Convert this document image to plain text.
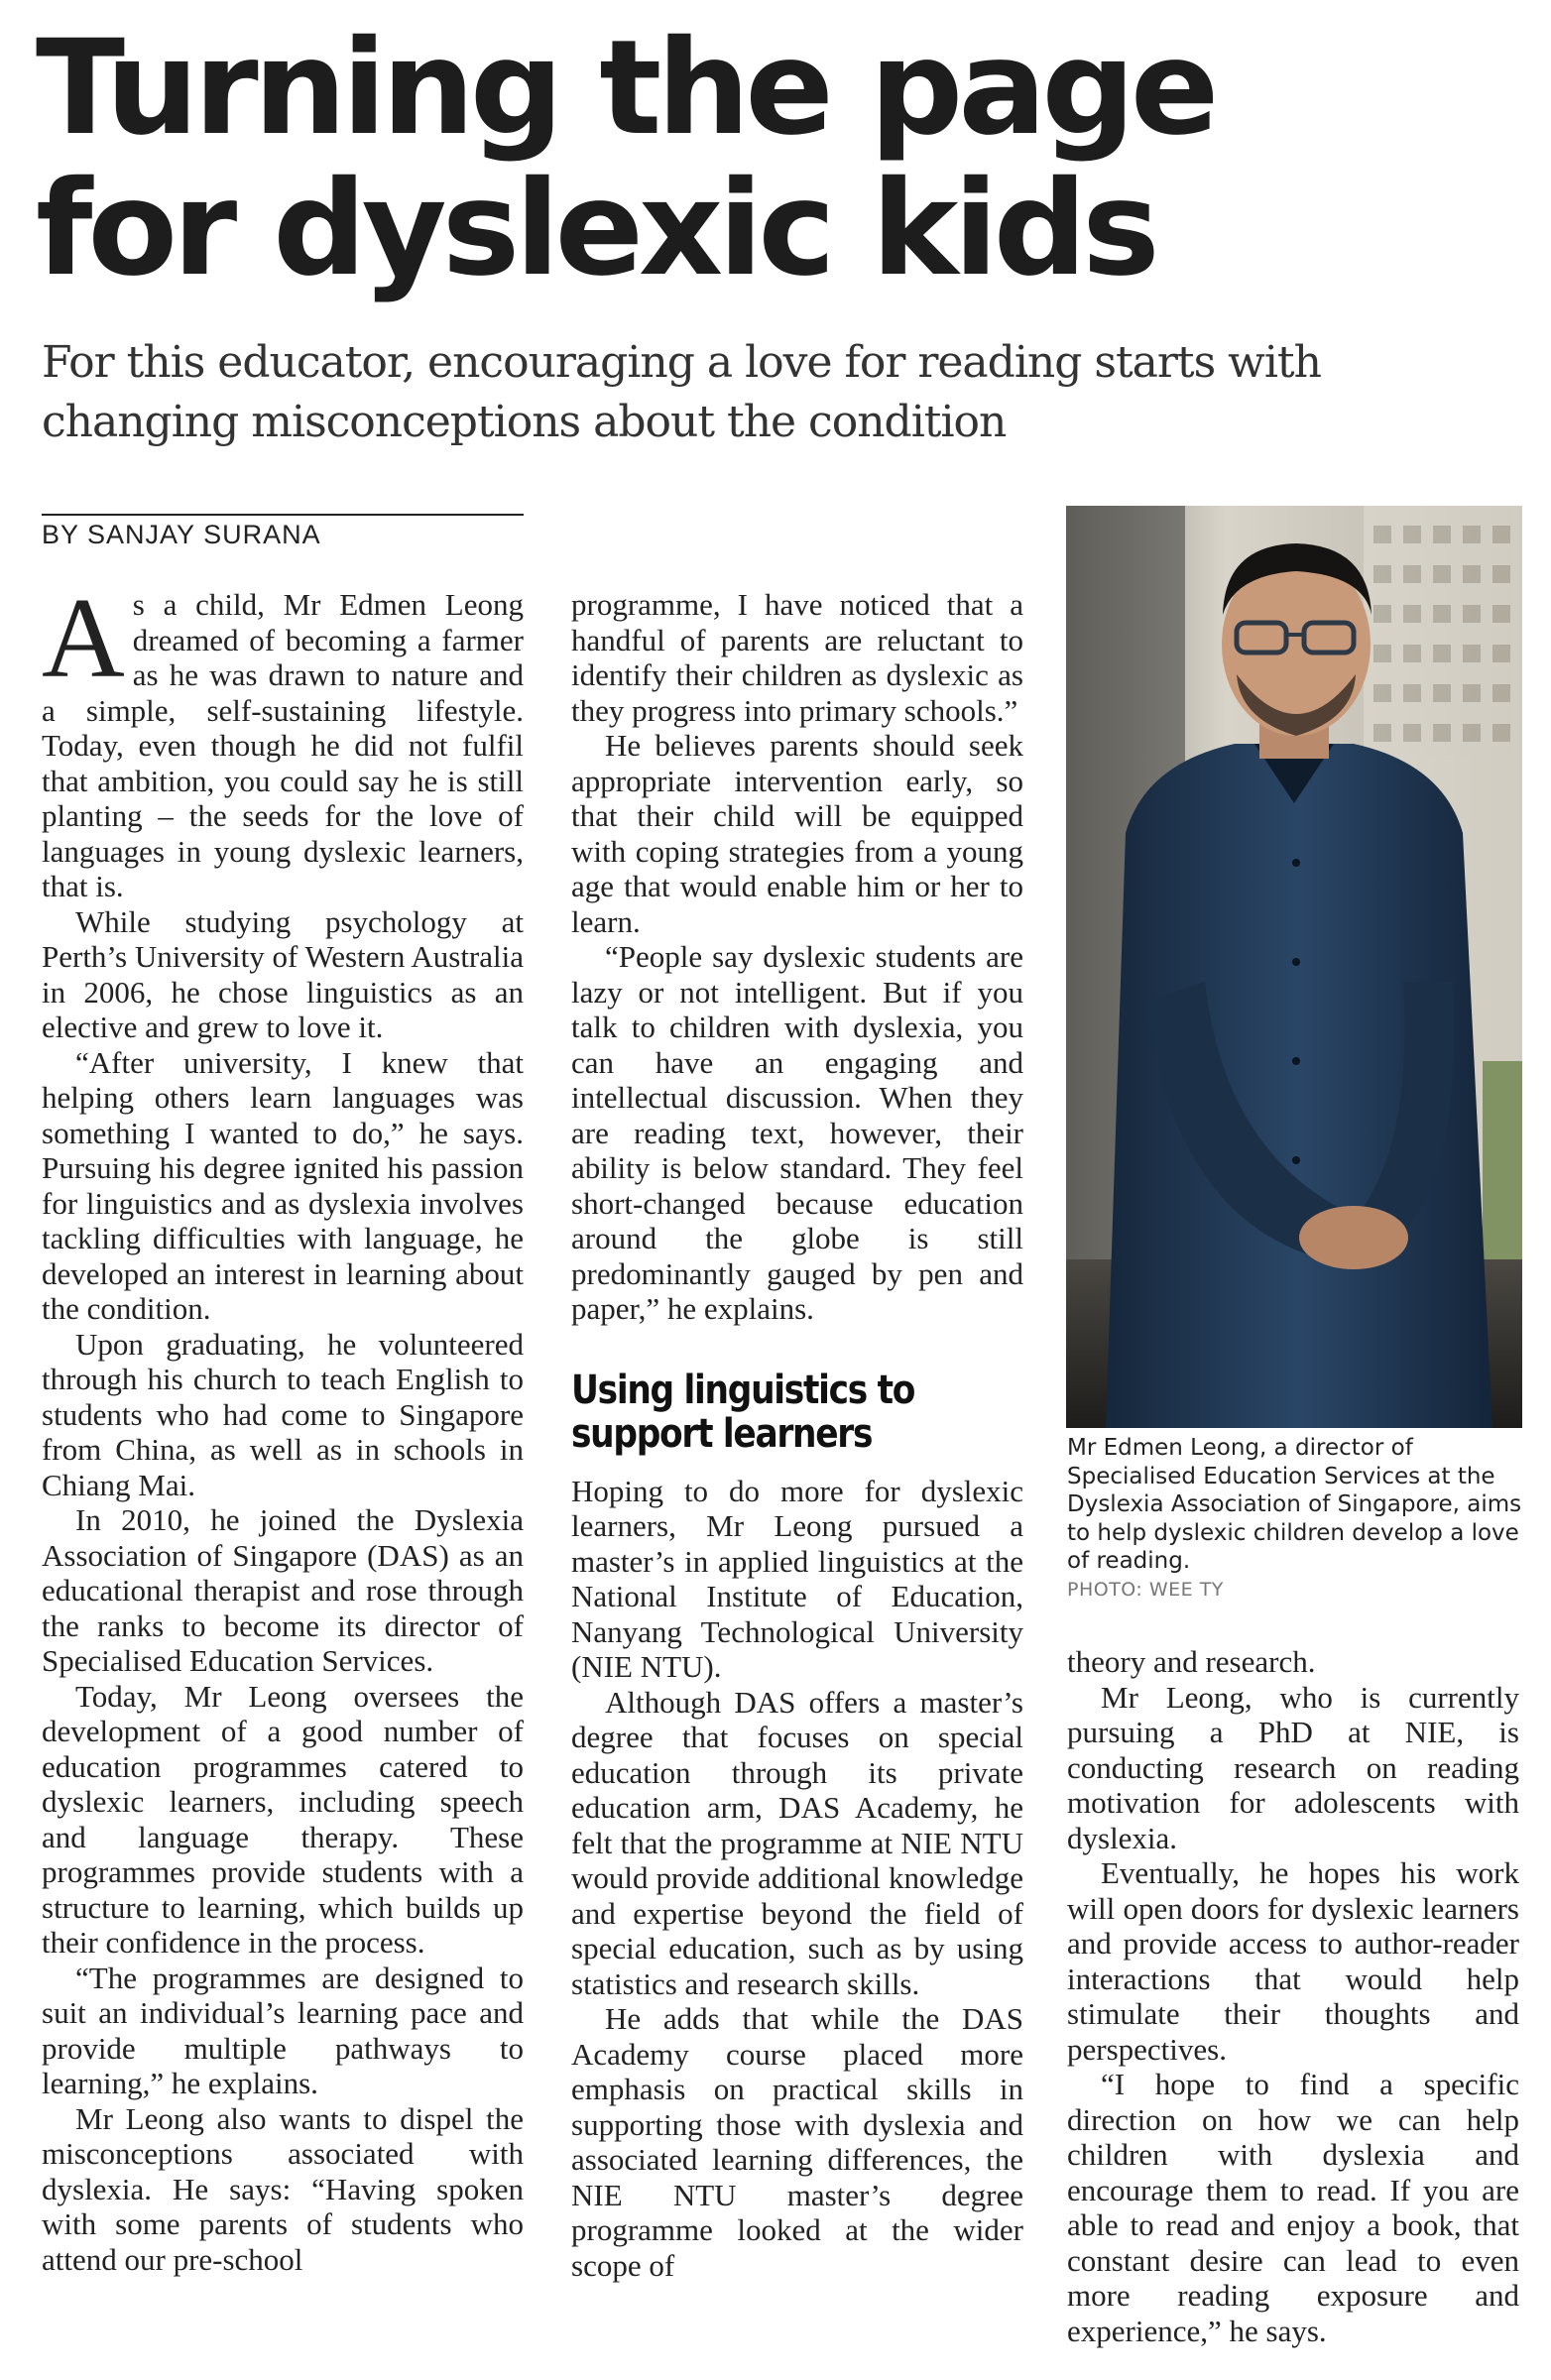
Turning the page
for dyslexic kids

For this educator, encouraging a love for reading starts with
changing misconceptions about the condition

BY SANJAY SURANA

As a child, Mr Edmen Leong dreamed of becoming a farmer as he was drawn to nature and a simple, self-sustaining lifestyle. Today, even though he did not fulfil that ambition, you could say he is still planting – the seeds for the love of languages in young dyslexic learners, that is.

While studying psychology at Perth’s University of Western Australia in 2006, he chose linguistics as an elective and grew to love it.

“After university, I knew that helping others learn languages was something I wanted to do,” he says. Pursuing his degree ignited his passion for linguistics and as dyslexia involves tackling difficulties with language, he developed an interest in learning about the condition.

Upon graduating, he volunteered through his church to teach English to students who had come to Singapore from China, as well as in schools in Chiang Mai.

In 2010, he joined the Dyslexia Association of Singapore (DAS) as an educational therapist and rose through the ranks to become its director of Specialised Education Services.

Today, Mr Leong oversees the development of a good number of education programmes catered to dyslexic learners, including speech and language therapy. These programmes provide students with a structure to learning, which builds up their confidence in the process.

“The programmes are designed to suit an individual’s learning pace and provide multiple pathways to learning,” he explains.

Mr Leong also wants to dispel the misconceptions associated with dyslexia. He says: “Having spoken with some parents of students who attend our pre-school

programme, I have noticed that a handful of parents are reluctant to identify their children as dyslexic as they progress into primary schools.”

He believes parents should seek appropriate intervention early, so that their child will be equipped with coping strategies from a young age that would enable him or her to learn.

“People say dyslexic students are lazy or not intelligent. But if you talk to children with dyslexia, you can have an engaging and intellectual discussion. When they are reading text, however, their ability is below standard. They feel short-changed because education around the globe is still predominantly gauged by pen and paper,” he explains.

Using linguistics to support learners

Hoping to do more for dyslexic learners, Mr Leong pursued a master’s in applied linguistics at the National Institute of Education, Nanyang Technological University (NIE NTU).

Although DAS offers a master’s degree that focuses on special education through its private education arm, DAS Academy, he felt that the programme at NIE NTU would provide additional knowledge and expertise beyond the field of special education, such as by using statistics and research skills.

He adds that while the DAS Academy course placed more emphasis on practical skills in supporting those with dyslexia and associated learning differences, the NIE NTU master’s degree programme looked at the wider scope of

Mr Edmen Leong, a director of Specialised Education Services at the Dyslexia Association of Singapore, aims to help dyslexic children develop a love of reading.
PHOTO: WEE TY

theory and research.

Mr Leong, who is currently pursuing a PhD at NIE, is conducting research on reading motivation for adolescents with dyslexia.

Eventually, he hopes his work will open doors for dyslexic learners and provide access to author-reader interactions that would help stimulate their thoughts and perspectives.

“I hope to find a specific direction on how we can help children with dyslexia and encourage them to read. If you are able to read and enjoy a book, that constant desire can lead to even more reading exposure and experience,” he says.
